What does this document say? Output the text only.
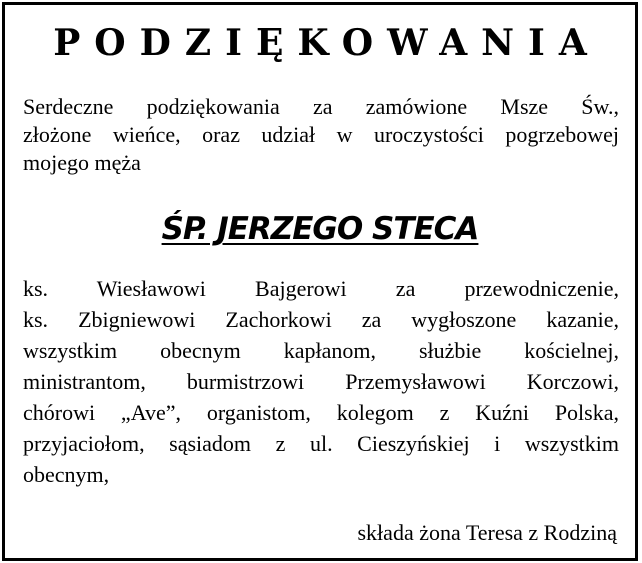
PODZIĘKOWANIA
Serdeczne podziękowania za zamówione Msze Św.,
złożone wieńce, oraz udział w uroczystości pogrzebowej
mojego męża
ŚP. JERZEGO STECA
ks. Wiesławowi Bajgerowi za przewodniczenie,
ks. Zbigniewowi Zachorkowi za wygłoszone kazanie,
wszystkim obecnym kapłanom, służbie kościelnej,
ministrantom, burmistrzowi Przemysławowi Korczowi,
chórowi „Ave”, organistom, kolegom z Kuźni Polska,
przyjaciołom, sąsiadom z ul. Cieszyńskiej i wszystkim
obecnym,
składa żona Teresa z Rodziną
